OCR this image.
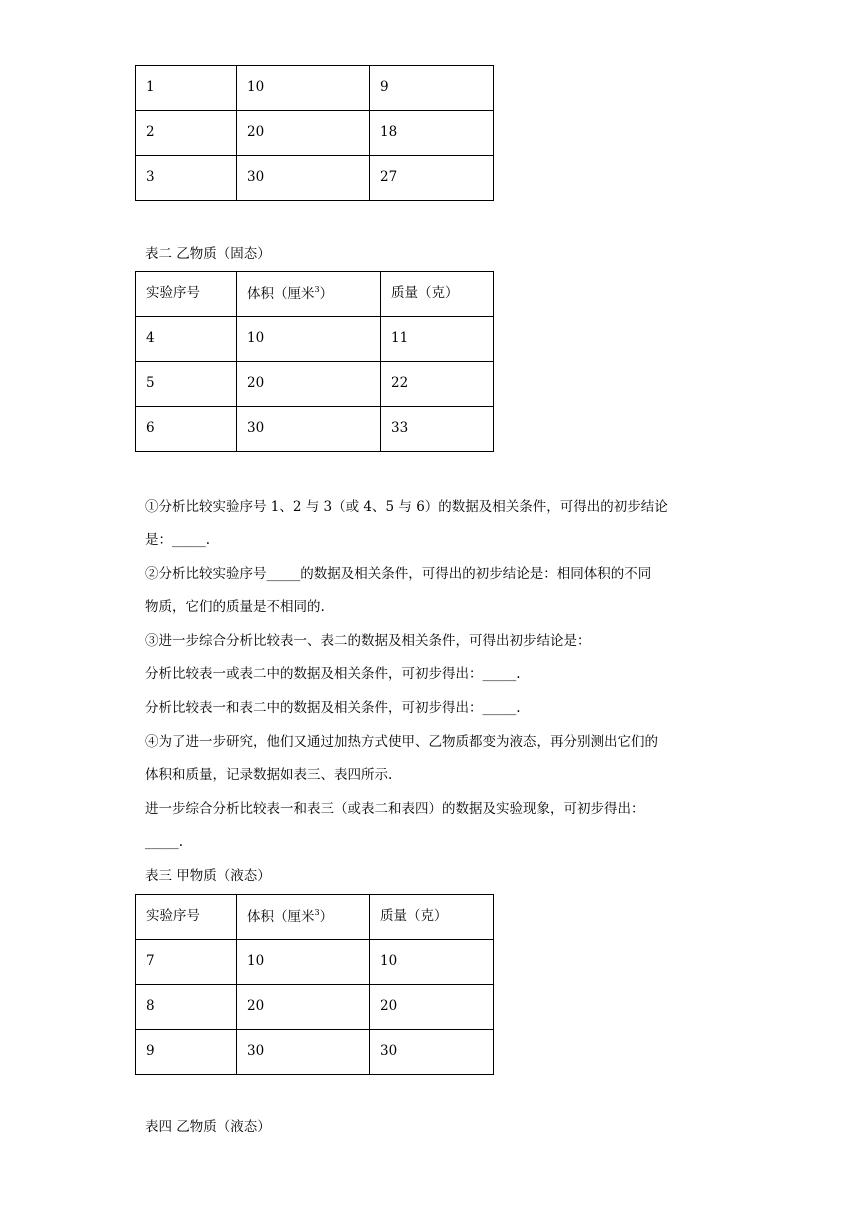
1	10	9
2	20	18
3	30	27
表二 乙物质（固态）
实验序号	体积（厘米$^3$）	质量（克）
4	10	11
5	20	22
6	30	33
①分析比较实验序号 1、2 与 3（或 4、5 与 6）的数据及相关条件，可得出的初步结论
是：_____.
②分析比较实验序号_____的数据及相关条件，可得出的初步结论是：相同体积的不同
物质，它们的质量是不相同的.
③进一步综合分析比较表一、表二的数据及相关条件，可得出初步结论是：
分析比较表一或表二中的数据及相关条件，可初步得出：_____.
分析比较表一和表二中的数据及相关条件，可初步得出：_____.
④为了进一步研究，他们又通过加热方式使甲、乙物质都变为液态，再分别测出它们的
体积和质量，记录数据如表三、表四所示.
进一步综合分析比较表一和表三（或表二和表四）的数据及实验现象，可初步得出：
_____.
表三 甲物质（液态）
实验序号	体积（厘米$^3$）	质量（克）
7	10	10
8	20	20
9	30	30
表四 乙物质（液态）
